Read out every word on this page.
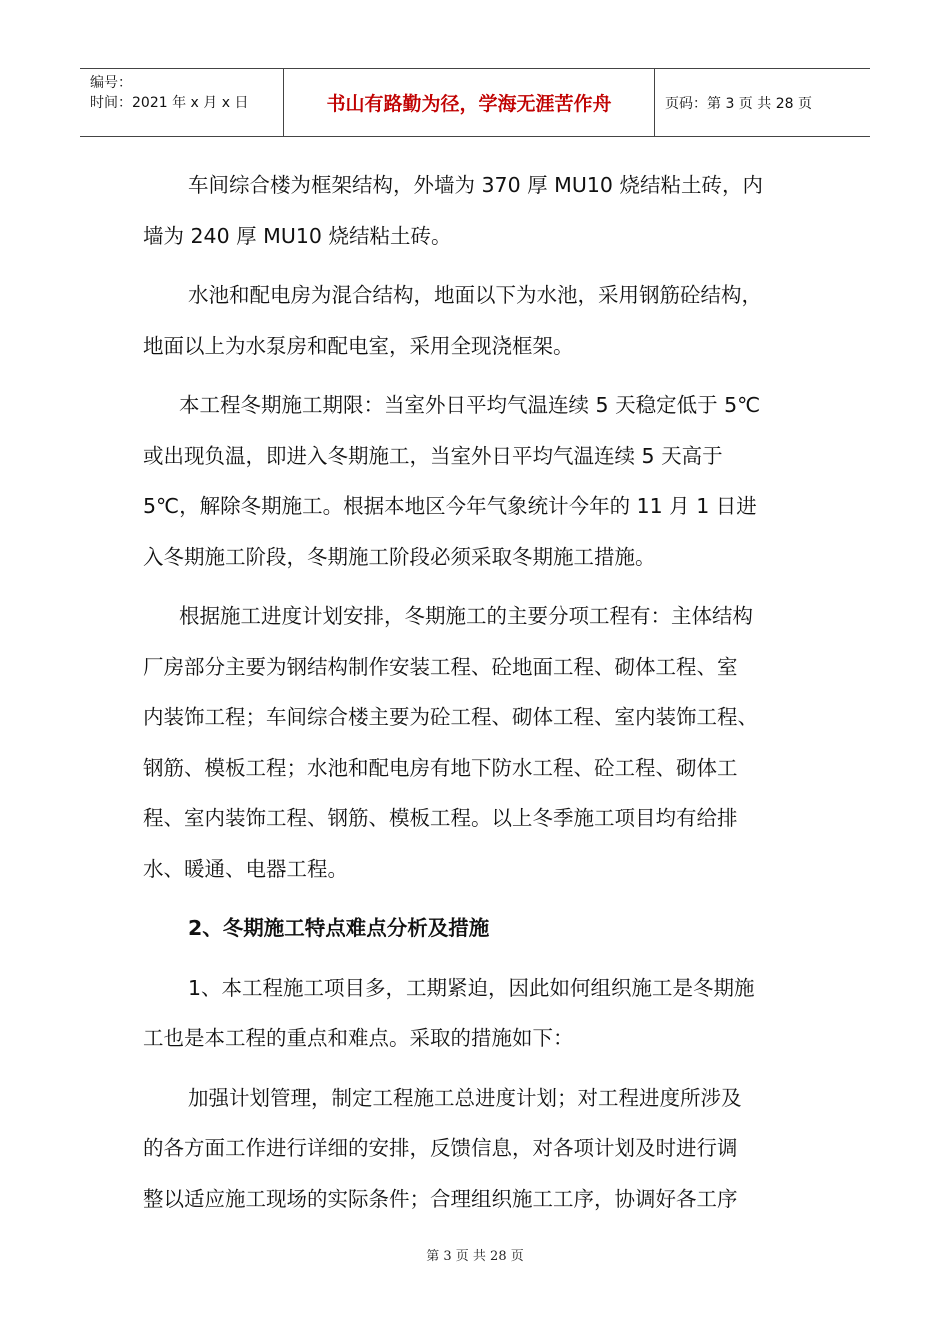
编号：
时间：2021 年 x 月 x 日	书山有路勤为径，学海无涯苦作舟	页码：第 3 页 共 28 页

车间综合楼为框架结构，外墙为 370 厚 MU10 烧结粘土砖，内

墙为 240 厚 MU10 烧结粘土砖。

水池和配电房为混合结构，地面以下为水池，采用钢筋砼结构，

地面以上为水泵房和配电室，采用全现浇框架。

本工程冬期施工期限：当室外日平均气温连续 5 天稳定低于 5℃

或出现负温，即进入冬期施工，当室外日平均气温连续 5 天高于

5℃，解除冬期施工。根据本地区今年气象统计今年的 11 月 1 日进

入冬期施工阶段，冬期施工阶段必须采取冬期施工措施。

根据施工进度计划安排，冬期施工的主要分项工程有：主体结构

厂房部分主要为钢结构制作安装工程、砼地面工程、砌体工程、室

内装饰工程；车间综合楼主要为砼工程、砌体工程、室内装饰工程、

钢筋、模板工程；水池和配电房有地下防水工程、砼工程、砌体工

程、室内装饰工程、钢筋、模板工程。以上冬季施工项目均有给排

水、暖通、电器工程。

2、冬期施工特点难点分析及措施

1、本工程施工项目多，工期紧迫，因此如何组织施工是冬期施

工也是本工程的重点和难点。采取的措施如下：

加强计划管理，制定工程施工总进度计划；对工程进度所涉及

的各方面工作进行详细的安排，反馈信息，对各项计划及时进行调

整以适应施工现场的实际条件；合理组织施工工序，协调好各工序

第 3 页 共 28 页
